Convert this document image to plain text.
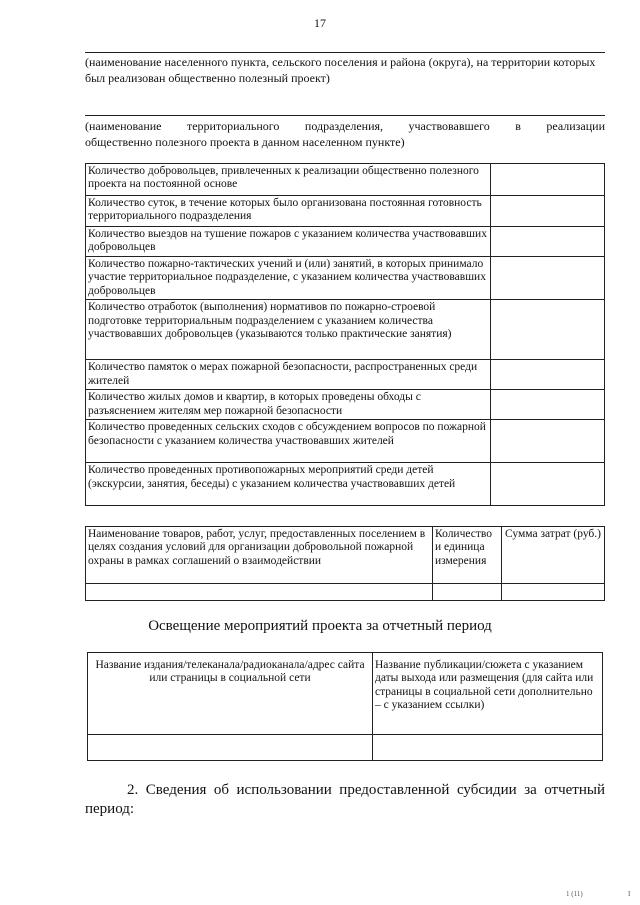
17
(наименование населенного пункта, сельского поселения и района (округа), на территории которых был реализован общественно полезный проект)
(наименование территориального подразделения, участвовавшего в реализации
общественно полезного проекта в данном населенном пункте)
Количество добровольцев, привлеченных к реализации общественно полезного проекта на постоянной основе	
Количество суток, в течение которых было организована постоянная готовность территориального подразделения	
Количество выездов на тушение пожаров с указанием количества участвовавших добровольцев	
Количество пожарно-тактических учений и (или) занятий, в которых принимало участие территориальное подразделение, с указанием количества участвовавших добровольцев	
Количество отработок (выполнения) нормативов по пожарно-строевой подготовке территориальным подразделением с указанием количества участвовавших добровольцев (указываются только практические занятия)	
Количество памяток о мерах пожарной безопасности, распространенных среди жителей	
Количество жилых домов и квартир, в которых проведены обходы с разъяснением жителям мер пожарной безопасности	
Количество проведенных сельских сходов с обсуждением вопросов по пожарной безопасности с указанием количества участвовавших жителей	
Количество проведенных противопожарных мероприятий среди детей (экскурсии, занятия, беседы) с указанием количества участвовавших детей	
Наименование товаров, работ, услуг, предоставленных поселением в целях создания условий для организации добровольной пожарной охраны в рамках соглашений о взаимодействии	Количество и единица измерения	Сумма затрат (руб.)

Освещение мероприятий проекта за отчетный период
Название издания/телеканала/радиоканала/адрес сайта или страницы в социальной сети	Название публикации/сюжета с указанием даты выхода или размещения (для сайта или страницы в социальной сети дополнительно – с указанием ссылки)

2. Сведения об использовании предоставленной субсидии за отчетный период:
1 (11)	I
